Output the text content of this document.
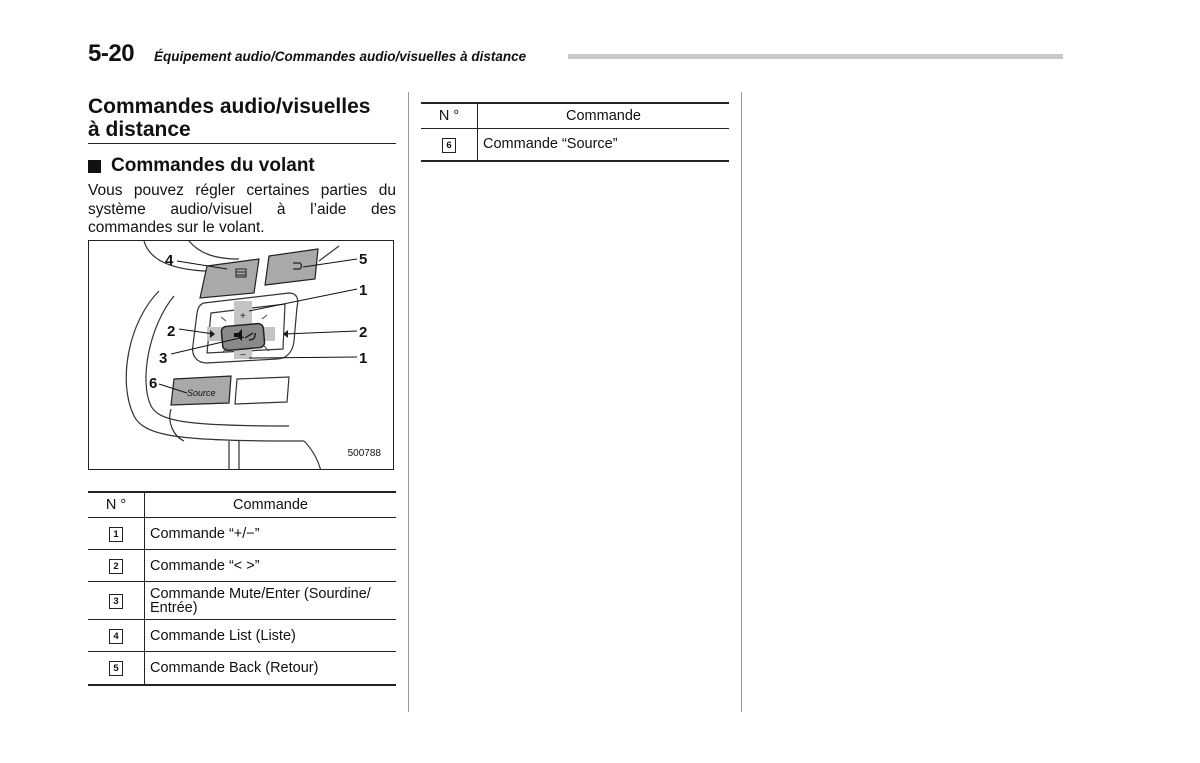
5-20 Équipement audio/Commandes audio/visuelles à distance
Commandes audio/visuelles
à distance
Commandes du volant
Vous pouvez régler certaines parties du système audio/visuel à l’aide des commandes sur le volant.
+
−
Source
4	5
1
2	2
3	1
6
500788
N °	Commande
1	Commande “+/−”
2	Commande “< >”
3	Commande Mute/Enter (Sourdine/
Entrée)

4	Commande List (Liste)
5	Commande Back (Retour)
N °	Commande
6	Commande “Source”
